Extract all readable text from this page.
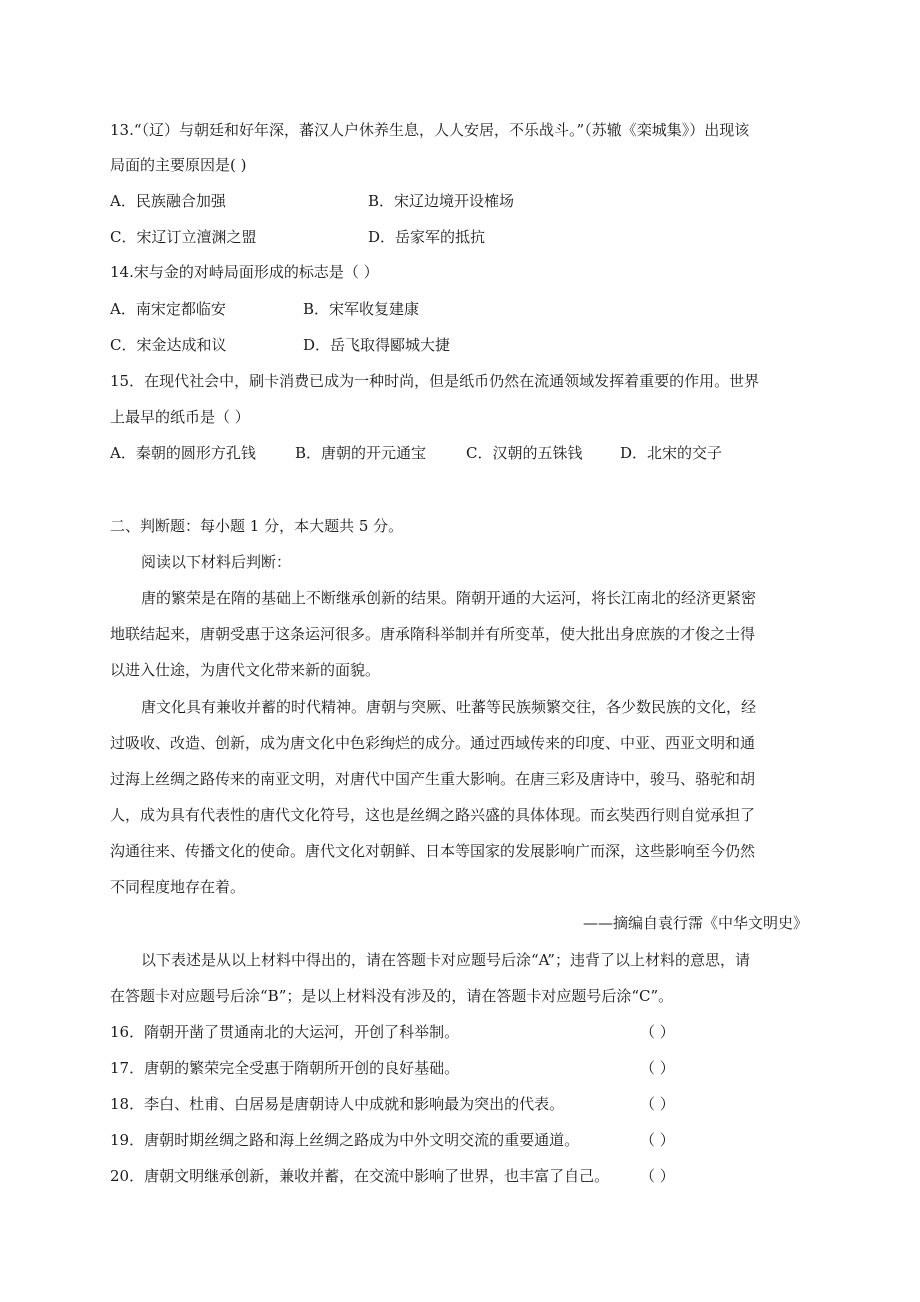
13.“（辽）与朝廷和好年深，蕃汉人户休养生息，人人安居，不乐战斗。”（苏辙《栾城集》）出现该
局面的主要原因是( )
A．民族融合加强	B．宋辽边境开设榷场
C．宋辽订立澶渊之盟	D．岳家军的抵抗
14.宋与金的对峙局面形成的标志是（ ）
A．南宋定都临安	B．宋军收复建康
C．宋金达成和议	D．岳飞取得郾城大捷
15．在现代社会中，刷卡消费已成为一种时尚，但是纸币仍然在流通领域发挥着重要的作用。世界
上最早的纸币是（ ）
A．秦朝的圆形方孔钱	B．唐朝的开元通宝	C．汉朝的五铢钱	D．北宋的交子
二、判断题：每小题 1 分，本大题共 5 分。
阅读以下材料后判断：
唐的繁荣是在隋的基础上不断继承创新的结果。隋朝开通的大运河，将长江南北的经济更紧密
地联结起来，唐朝受惠于这条运河很多。唐承隋科举制并有所变革，使大批出身庶族的才俊之士得
以进入仕途，为唐代文化带来新的面貌。
唐文化具有兼收并蓄的时代精神。唐朝与突厥、吐蕃等民族频繁交往，各少数民族的文化，经
过吸收、改造、创新，成为唐文化中色彩绚烂的成分。通过西域传来的印度、中亚、西亚文明和通
过海上丝绸之路传来的南亚文明，对唐代中国产生重大影响。在唐三彩及唐诗中，骏马、骆驼和胡
人，成为具有代表性的唐代文化符号，这也是丝绸之路兴盛的具体体现。而玄奘西行则自觉承担了
沟通往来、传播文化的使命。唐代文化对朝鲜、日本等国家的发展影响广而深，这些影响至今仍然
不同程度地存在着。
——摘编自袁行霈《中华文明史》
以下表述是从以上材料中得出的，请在答题卡对应题号后涂“A”；违背了以上材料的意思，请
在答题卡对应题号后涂“B”；是以上材料没有涉及的，请在答题卡对应题号后涂“C”。
16．隋朝开凿了贯通南北的大运河，开创了科举制。	（ ）
17．唐朝的繁荣完全受惠于隋朝所开创的良好基础。	（ ）
18．李白、杜甫、白居易是唐朝诗人中成就和影响最为突出的代表。	（ ）
19．唐朝时期丝绸之路和海上丝绸之路成为中外文明交流的重要通道。	（ ）
20．唐朝文明继承创新，兼收并蓄，在交流中影响了世界，也丰富了自己。 （ ）
